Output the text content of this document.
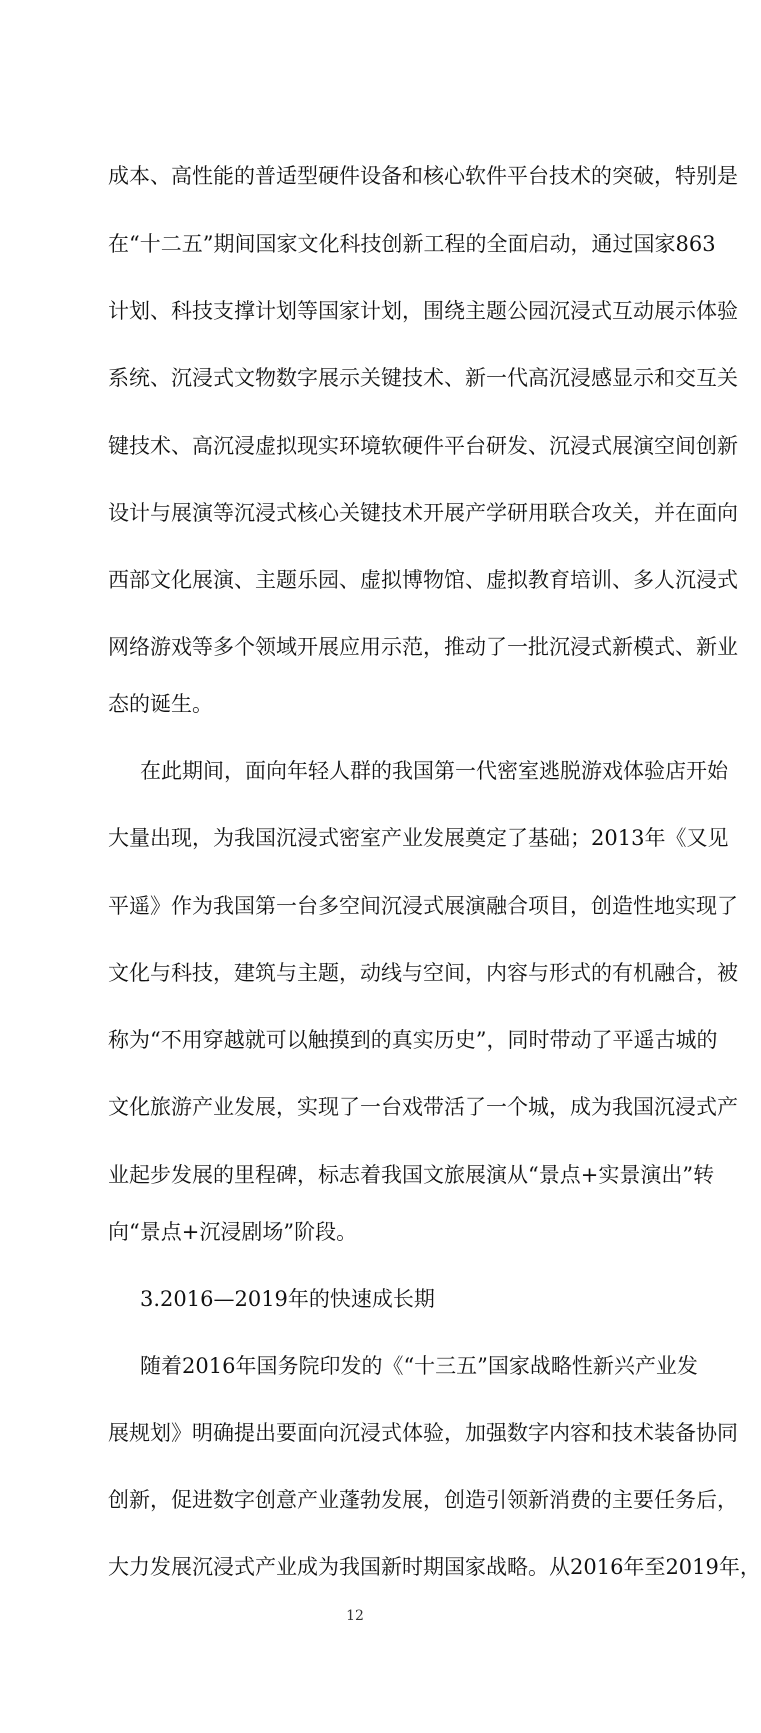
成本、高性能的普适型硬件设备和核心软件平台技术的突破，特别是
在“十二五”期间国家文化科技创新工程的全面启动，通过国家863
计划、科技支撑计划等国家计划，围绕主题公园沉浸式互动展示体验
系统、沉浸式文物数字展示关键技术、新一代高沉浸感显示和交互关
键技术、高沉浸虚拟现实环境软硬件平台研发、沉浸式展演空间创新
设计与展演等沉浸式核心关键技术开展产学研用联合攻关，并在面向
西部文化展演、主题乐园、虚拟博物馆、虚拟教育培训、多人沉浸式
网络游戏等多个领域开展应用示范，推动了一批沉浸式新模式、新业
态的诞生。
在此期间，面向年轻人群的我国第一代密室逃脱游戏体验店开始
大量出现，为我国沉浸式密室产业发展奠定了基础；2013年《又见
平遥》作为我国第一台多空间沉浸式展演融合项目，创造性地实现了
文化与科技，建筑与主题，动线与空间，内容与形式的有机融合，被
称为“不用穿越就可以触摸到的真实历史”，同时带动了平遥古城的
文化旅游产业发展，实现了一台戏带活了一个城，成为我国沉浸式产
业起步发展的里程碑，标志着我国文旅展演从“景点+实景演出”转
向“景点+沉浸剧场”阶段。
3.2016—2019年的快速成长期
随着2016年国务院印发的《“十三五”国家战略性新兴产业发
展规划》明确提出要面向沉浸式体验，加强数字内容和技术装备协同
创新，促进数字创意产业蓬勃发展，创造引领新消费的主要任务后，
大力发展沉浸式产业成为我国新时期国家战略。从2016年至2019年，
12
